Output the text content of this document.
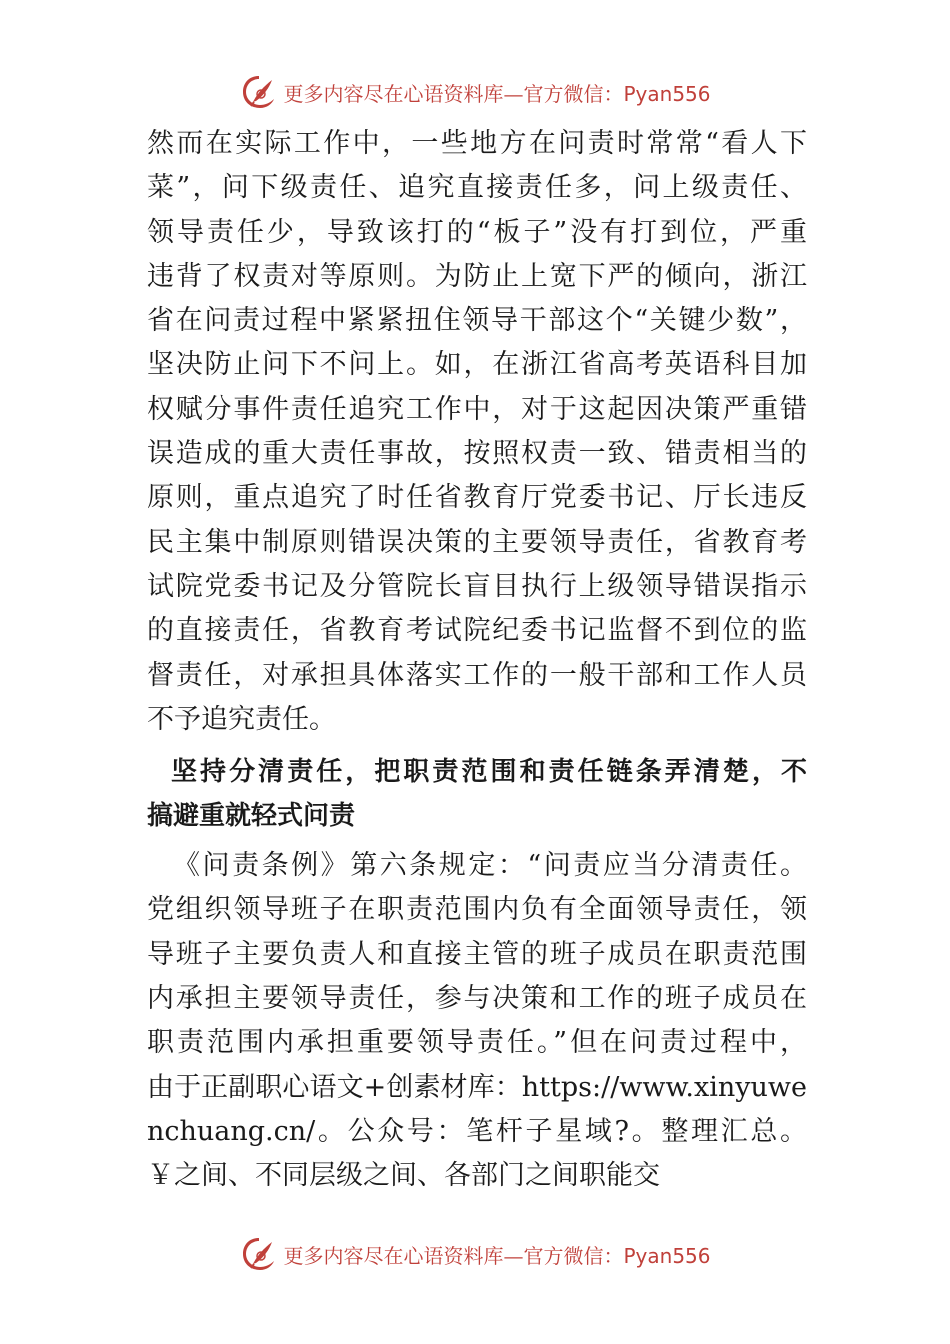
更多内容尽在心语资料库—官方微信：Pyan556
然而在实际工作中，一些地方在问责时常常“看人下
菜”，问下级责任、追究直接责任多，问上级责任、
领导责任少，导致该打的“板子”没有打到位，严重
违背了权责对等原则。为防止上宽下严的倾向，浙江
省在问责过程中紧紧扭住领导干部这个“关键少数”，
坚决防止问下不问上。如，在浙江省高考英语科目加
权赋分事件责任追究工作中，对于这起因决策严重错
误造成的重大责任事故，按照权责一致、错责相当的
原则，重点追究了时任省教育厅党委书记、厅长违反
民主集中制原则错误决策的主要领导责任，省教育考
试院党委书记及分管院长盲目执行上级领导错误指示
的直接责任，省教育考试院纪委书记监督不到位的监
督责任，对承担具体落实工作的一般干部和工作人员
不予追究责任。
坚持分清责任，把职责范围和责任链条弄清楚，不
搞避重就轻式问责
《问责条例》第六条规定：“问责应当分清责任。
党组织领导班子在职责范围内负有全面领导责任，领
导班子主要负责人和直接主管的班子成员在职责范围
内承担主要领导责任，参与决策和工作的班子成员在
职责范围内承担重要领导责任。”但在问责过程中，
由于正副职心语文+创素材库：https://www.xinyuwe
nchuang.cn/。公众号：笔杆子星域?。整理汇总。
￥之间、不同层级之间、各部门之间职能交
更多内容尽在心语资料库—官方微信：Pyan556
